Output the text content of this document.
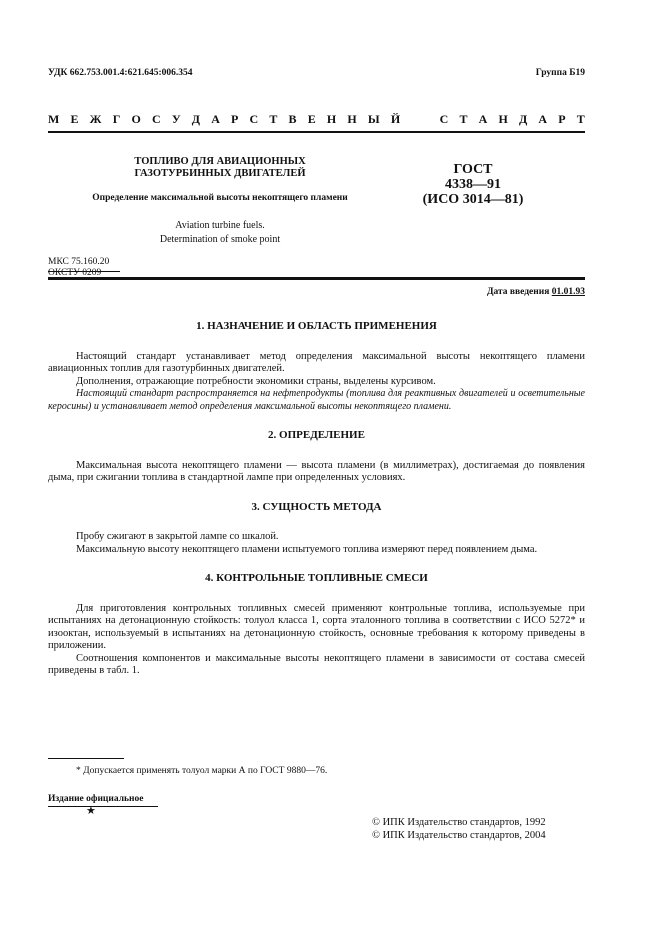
УДК 662.753.001.4:621.645:006.354	Группа Б19
М Е Ж Г О С У Д А Р С Т В Е Н Н Ы Й

	С Т А Н Д А Р Т
ТОПЛИВО ДЛЯ АВИАЦИОННЫХ
ГАЗОТУРБИННЫХ ДВИГАТЕЛЕЙ
Определение максимальной высоты некоптящего пламени
Aviation turbine fuels.
Determination of smoke point
ГОСТ
4338—91
(ИСО 3014—81)
МКС 75.160.20
ОКСТУ 0209
Дата введения 01.01.93
1. НАЗНАЧЕНИЕ И ОБЛАСТЬ ПРИМЕНЕНИЯ

Настоящий стандарт устанавливает метод определения максимальной высоты некоптящего пламени авиационных топлив для газотурбинных двигателей.

Дополнения, отражающие потребности экономики страны, выделены курсивом.

Настоящий стандарт распространяется на нефтепродукты (топлива для реактивных двигателей и осветительные керосины) и устанавливает метод определения максимальной высоты некоптящего пламени.

2. ОПРЕДЕЛЕНИЕ

Максимальная высота некоптящего пламени — высота пламени (в миллиметрах), достигаемая до появления дыма, при сжигании топлива в стандартной лампе при определенных условиях.

3. СУЩНОСТЬ МЕТОДА

Пробу сжигают в закрытой лампе со шкалой.

Максимальную высоту некоптящего пламени испытуемого топлива измеряют перед появлением дыма.

4. КОНТРОЛЬНЫЕ ТОПЛИВНЫЕ СМЕСИ

Для приготовления контрольных топливных смесей применяют контрольные топлива, используемые при испытаниях на детонационную стойкость: толуол класса 1, сорта эталонного топлива в соответствии с ИСО 5272* и изооктан, используемый в испытаниях на детонационную стойкость, основные требования к которому приведены в приложении.

Соотношения компонентов и максимальные высоты некоптящего пламени в зависимости от состава смесей приведены в табл. 1.

* Допускается применять толуол марки А по ГОСТ 9880—76.
Издание официальное
★
© ИПК Издательство стандартов, 1992
© ИПК Издательство стандартов, 2004
